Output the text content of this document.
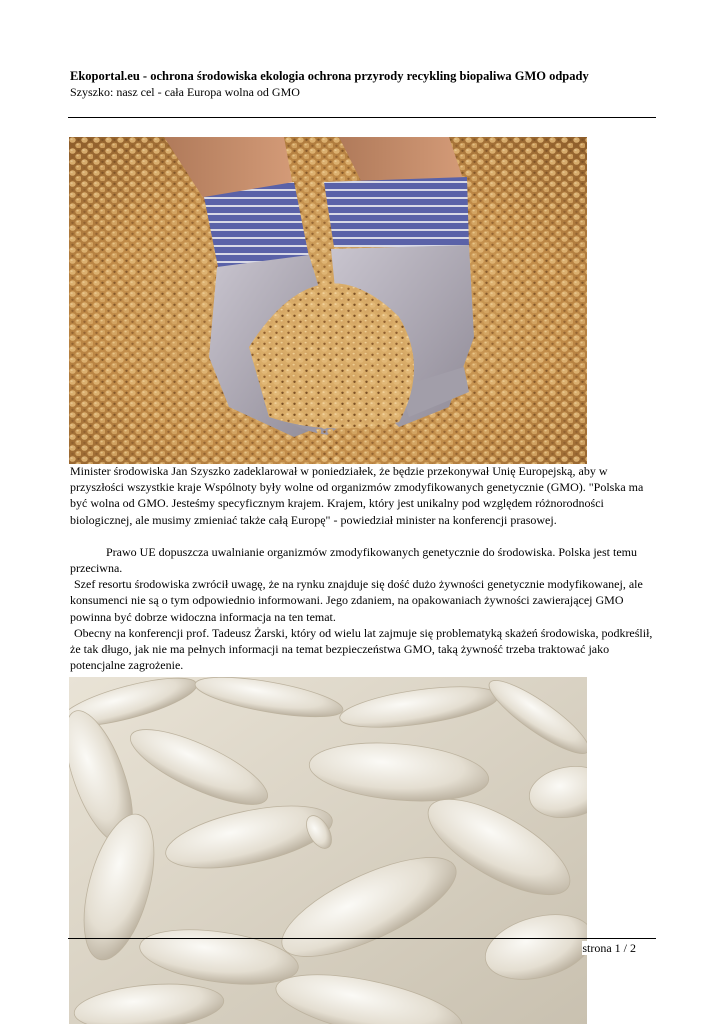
Ekoportal.eu - ochrona środowiska ekologia ochrona przyrody recykling biopaliwa GMO odpady
Szyszko: nasz cel - cała Europa wolna od GMO

Minister środowiska Jan Szyszko zadeklarował w poniedziałek, że będzie przekonywał Unię Europejską, aby w przyszłości wszystkie kraje Wspólnoty były wolne od organizmów zmodyfikowanych genetycznie (GMO). "Polska ma być wolna od GMO. Jesteśmy specyficznym krajem. Krajem, który jest unikalny pod względem różnorodności biologicznej, ale musimy zmieniać także całą Europę" - powiedział minister na konferencji prasowej.

Prawo UE dopuszcza uwalnianie organizmów zmodyfikowanych genetycznie do środowiska. Polska jest temu przeciwna.

Szef resortu środowiska zwrócił uwagę, że na rynku znajduje się dość dużo żywności genetycznie modyfikowanej, ale konsumenci nie są o tym odpowiednio informowani. Jego zdaniem, na opakowaniach żywności zawierającej GMO powinna być dobrze widoczna informacja na ten temat.

Obecny na konferencji prof. Tadeusz Żarski, który od wielu lat zajmuje się problematyką skażeń środowiska, podkreślił, że tak długo, jak nie ma pełnych informacji na temat bezpieczeństwa GMO, taką żywność trzeba traktować jako potencjalne zagrożenie.

strona 1 / 2
